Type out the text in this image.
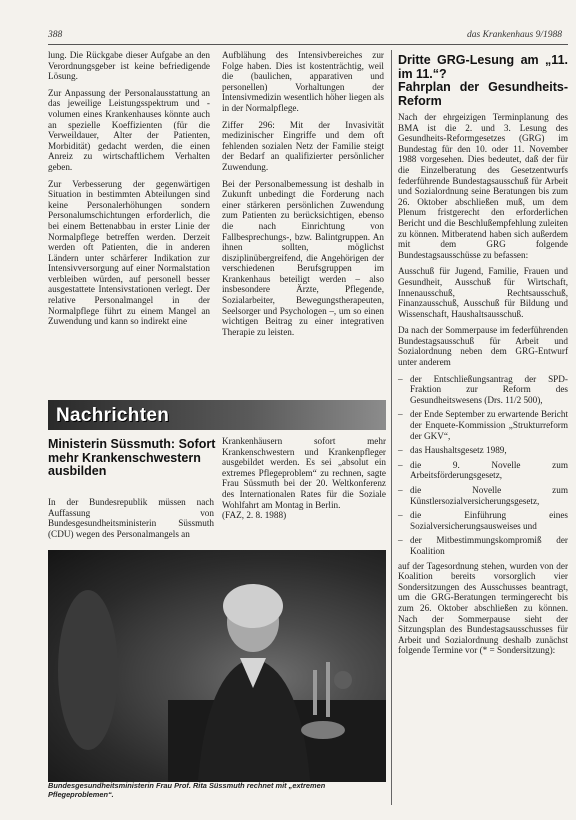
388	das Krankenhaus 9/1988

lung. Die Rückgabe dieser Aufgabe an den Verordnungsgeber ist keine befriedigende Lösung.

Zur Anpassung der Personalausstattung an das jeweilige Leistungsspektrum und -volumen eines Krankenhauses könnte auch an spezielle Koeffizienten (für die Verweildauer, Alter der Patienten, Morbidität) gedacht werden, die einen Anreiz zu wirtschaftlichem Verhalten geben.

Zur Verbesserung der gegenwärtigen Situation in bestimmten Abteilungen sind keine Personalerhöhungen sondern Personalumschichtungen erforderlich, die bei einem Bettenabbau in erster Linie der Normalpflege betreffen werden. Derzeit werden oft Patienten, die in anderen Ländern unter schärferer Indikation zur Intensivversorgung auf einer Normalstation verbleiben würden, auf personell besser ausgestattete Intensivstationen verlegt. Der relative Personalmangel in der Normalpflege führt zu einem Mangel an Zuwendung und kann so indirekt eine

Aufblähung des Intensivbereiches zur Folge haben. Dies ist kostenträchtig, weil die (baulichen, apparativen und personellen) Vorhaltungen der Intensivmedizin wesentlich höher liegen als in der Normalpflege.

Ziffer 296: Mit der Invasivität medizinischer Eingriffe und dem oft fehlenden sozialen Netz der Familie steigt der Bedarf an qualifizierter persönlicher Zuwendung.

Bei der Personalbemessung ist deshalb in Zukunft unbedingt die Forderung nach einer stärkeren persönlichen Zuwendung zum Patienten zu berücksichtigen, ebenso die nach Einrichtung von Fallbesprechungs-, bzw. Balintgruppen. An ihnen sollten, möglichst disziplinübergreifend, die Angehörigen der verschiedenen Berufsgruppen im Krankenhaus beteiligt werden – also insbesondere Ärzte, Pflegende, Sozialarbeiter, Bewegungstherapeuten, Seelsorger und Psychologen –, um so einen wichtigen Beitrag zu einer integrativen Therapie zu leisten.

Nachrichten
Ministerin Süssmuth: Sofort mehr Krankenschwestern ausbilden

In der Bundesrepublik müssen nach Auffassung von Bundesgesundheitsministerin Süssmuth (CDU) wegen des Personalmangels an

Krankenhäusern sofort mehr Krankenschwestern und Krankenpfleger ausgebildet werden. Es sei „absolut ein extremes Pflegeproblem“ zu rechnen, sagte Frau Süssmuth bei der 20. Weltkonferenz des Internationalen Rates für die Soziale Wohlfahrt am Montag in Berlin.

(FAZ, 2. 8. 1988)

Bundesgesundheitsministerin Frau Prof. Rita Süssmuth rechnet mit „extremen Pflegeproblemen“.
Dritte GRG-Lesung am „11. im 11.“?
Fahrplan der Gesundheits-Reform

Nach der ehrgeizigen Terminplanung des BMA ist die 2. und 3. Lesung des Gesundheits-Reformgesetzes (GRG) im Bundestag für den 10. oder 11. November 1988 vorgesehen. Dies bedeutet, daß der für die Einzelberatung des Gesetzentwurfs federführende Bundestagsausschuß für Arbeit und Sozialordnung seine Beratungen bis zum 26. Oktober abschließen muß, um dem Plenum fristgerecht den erforderlichen Bericht und die Beschlußempfehlung zuleiten zu können. Mitberatend haben sich außerdem mit dem GRG folgende Bundestagsausschüsse zu befassen:

Ausschuß für Jugend, Familie, Frauen und Gesundheit, Ausschuß für Wirtschaft, Innenausschuß, Rechtsausschuß, Finanzausschuß, Ausschuß für Bildung und Wissenschaft, Haushaltsausschuß.

Da nach der Sommerpause im federführenden Bundestagsausschuß für Arbeit und Sozialordnung neben dem GRG-Entwurf unter anderem

– der Entschließungsantrag der SPD-Fraktion zur Reform des Gesundheitswesens (Drs. 11/2 500),
– der Ende September zu erwartende Bericht der Enquete-Kommission „Strukturreform der GKV“,
– das Haushaltsgesetz 1989,
– die 9. Novelle zum Arbeitsförderungsgesetz,
– die Novelle zum Künstlersozialversicherungsgesetz,
– die Einführung eines Sozialversicherungsausweises und
– der Mitbestimmungskompromiß der Koalition

auf der Tagesordnung stehen, wurden von der Koalition bereits vorsorglich vier Sondersitzungen des Ausschusses beantragt, um die GRG-Beratungen termingerecht bis zum 26. Oktober abschließen zu können. Nach der Sommerpause sieht der Sitzungsplan des Bundestagsausschusses für Arbeit und Sozialordnung deshalb zunächst folgende Termine vor (* = Sondersitzung):
